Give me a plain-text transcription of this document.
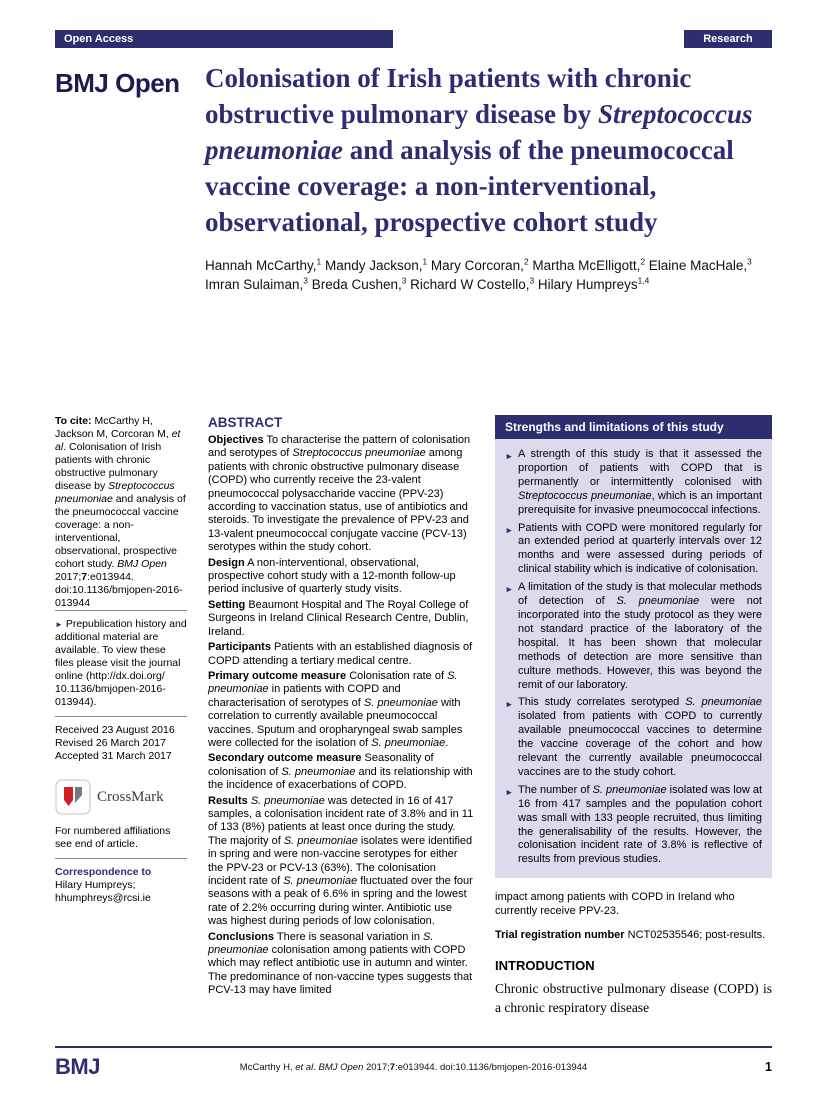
Open Access	Research
BMJ Open Colonisation of Irish patients with chronic obstructive pulmonary disease by Streptococcus pneumoniae and analysis of the pneumococcal vaccine coverage: a non-interventional, observational, prospective cohort study

Hannah McCarthy,$^1$ Mandy Jackson,$^1$ Mary Corcoran,$^2$ Martha McElligott,$^2$ Elaine MacHale,$^3$ Imran Sulaiman,$^3$ Breda Cushen,$^3$ Richard W Costello,$^3$ Hilary Humpreys$^{1,4}$

To cite: McCarthy H, Jackson M, Corcoran M, et al. Colonisation of Irish patients with chronic obstructive pulmonary disease by Streptococcus pneumoniae and analysis of the pneumococcal vaccine coverage: a non-interventional, observational, prospective cohort study. BMJ Open 2017;7:e013944. doi:10.1136/bmjopen-2016-013944

► Prepublication history and additional material are available. To view these files please visit the journal online (http://dx.doi.org/ 10.1136/bmjopen-2016-013944).

Received 23 August 2016

Revised 26 March 2017

Accepted 31 March 2017

CrossMark

For numbered affiliations see end of article.

Correspondence to

Hilary Humpreys; hhumphreys@rcsi.ie

ABSTRACT

Objectives To characterise the pattern of colonisation and serotypes of Streptococcus pneumoniae among patients with chronic obstructive pulmonary disease (COPD) who currently receive the 23-valent pneumococcal polysaccharide vaccine (PPV-23) according to vaccination status, use of antibiotics and steroids. To investigate the prevalence of PPV-23 and 13-valent pneumococcal conjugate vaccine (PCV-13) serotypes within the study cohort.

Design A non-interventional, observational, prospective cohort study with a 12-month follow-up period inclusive of quarterly study visits.

Setting Beaumont Hospital and The Royal College of Surgeons in Ireland Clinical Research Centre, Dublin, Ireland.

Participants Patients with an established diagnosis of COPD attending a tertiary medical centre.

Primary outcome measure Colonisation rate of S. pneumoniae in patients with COPD and characterisation of serotypes of S. pneumoniae with correlation to currently available pneumococcal vaccines. Sputum and oropharyngeal swab samples were collected for the isolation of S. pneumoniae.

Secondary outcome measure Seasonality of colonisation of S. pneumoniae and its relationship with the incidence of exacerbations of COPD.

Results S. pneumoniae was detected in 16 of 417 samples, a colonisation incident rate of 3.8% and in 11 of 133 (8%) patients at least once during the study. The majority of S. pneumoniae isolates were identified in spring and were non-vaccine serotypes for either the PPV-23 or PCV-13 (63%). The colonisation incident rate of S. pneumoniae fluctuated over the four seasons with a peak of 6.6% in spring and the lowest rate of 2.2% occurring during winter. Antibiotic use was highest during periods of low colonisation.

Conclusions There is seasonal variation in S. pneumoniae colonisation among patients with COPD which may reflect antibiotic use in autumn and winter. The predominance of non-vaccine types suggests that PCV-13 may have limited

Strengths and limitations of this study
► A strength of this study is that it assessed the proportion of patients with COPD that is permanently or intermittently colonised with Streptococcus pneumoniae, which is an important prerequisite for invasive pneumococcal infections.
► Patients with COPD were monitored regularly for an extended period at quarterly intervals over 12 months and were assessed during periods of clinical stability which is indicative of colonisation.
► A limitation of the study is that molecular methods of detection of S. pneumoniae were not incorporated into the study protocol as they were not standard practice of the laboratory of the hospital. It has been shown that molecular methods of detection are more sensitive than culture methods. However, this was beyond the remit of our laboratory.
► This study correlates serotyped S. pneumoniae isolated from patients with COPD to currently available pneumococcal vaccines to determine the vaccine coverage of the cohort and how relevant the currently available pneumococcal vaccines are to the study cohort.
► The number of S. pneumoniae isolated was low at 16 from 417 samples and the population cohort was small with 133 people recruited, thus limiting the generalisability of the results. However, the colonisation incident rate of 3.8% is reflective of results from previous studies.

impact among patients with COPD in Ireland who currently receive PPV-23.

Trial registration number NCT02535546; post-results.

INTRODUCTION

Chronic obstructive pulmonary disease (COPD) is a chronic respiratory disease

BMJ	McCarthy H, et al. BMJ Open 2017;7:e013944. doi:10.1136/bmjopen-2016-013944	1
